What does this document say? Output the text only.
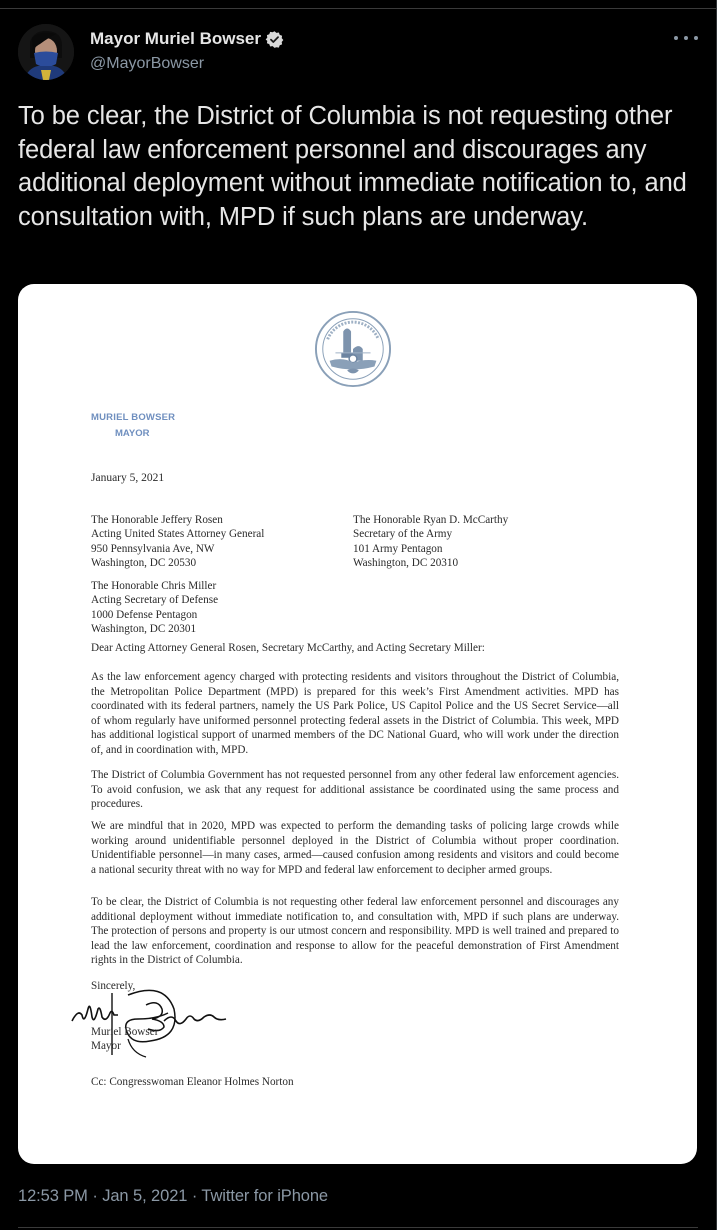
Mayor Muriel Bowser
@MayorBowser
To be clear, the District of Columbia is not requesting other federal law enforcement personnel and discourages any additional deployment without immediate notification to, and consultation with, MPD if such plans are underway.
MURIEL BOWSER
MAYOR
January 5, 2021
The Honorable Jeffery Rosen
Acting United States Attorney General
950 Pennsylvania Ave, NW
Washington, DC 20530
The Honorable Ryan D. McCarthy
Secretary of the Army
101 Army Pentagon
Washington, DC 20310
The Honorable Chris Miller
Acting Secretary of Defense
1000 Defense Pentagon
Washington, DC 20301
Dear Acting Attorney General Rosen, Secretary McCarthy, and Acting Secretary Miller:
As the law enforcement agency charged with protecting residents and visitors throughout the District of Columbia, the Metropolitan Police Department (MPD) is prepared for this week’s First Amendment activities. MPD has coordinated with its federal partners, namely the US Park Police, US Capitol Police and the US Secret Service—all of whom regularly have uniformed personnel protecting federal assets in the District of Columbia. This week, MPD has additional logistical support of unarmed members of the DC National Guard, who will work under the direction of, and in coordination with, MPD.
The District of Columbia Government has not requested personnel from any other federal law enforcement agencies. To avoid confusion, we ask that any request for additional assistance be coordinated using the same process and procedures.
We are mindful that in 2020, MPD was expected to perform the demanding tasks of policing large crowds while working around unidentifiable personnel deployed in the District of Columbia without proper coordination. Unidentifiable personnel—in many cases, armed—caused confusion among residents and visitors and could become a national security threat with no way for MPD and federal law enforcement to decipher armed groups.
To be clear, the District of Columbia is not requesting other federal law enforcement personnel and discourages any additional deployment without immediate notification to, and consultation with, MPD if such plans are underway. The protection of persons and property is our utmost concern and responsibility. MPD is well trained and prepared to lead the law enforcement, coordination and response to allow for the peaceful demonstration of First Amendment rights in the District of Columbia.
Sincerely,
Muriel Bowser
Mayor
Cc: Congresswoman Eleanor Holmes Norton
12:53 PM · Jan 5, 2021 · Twitter for iPhone
